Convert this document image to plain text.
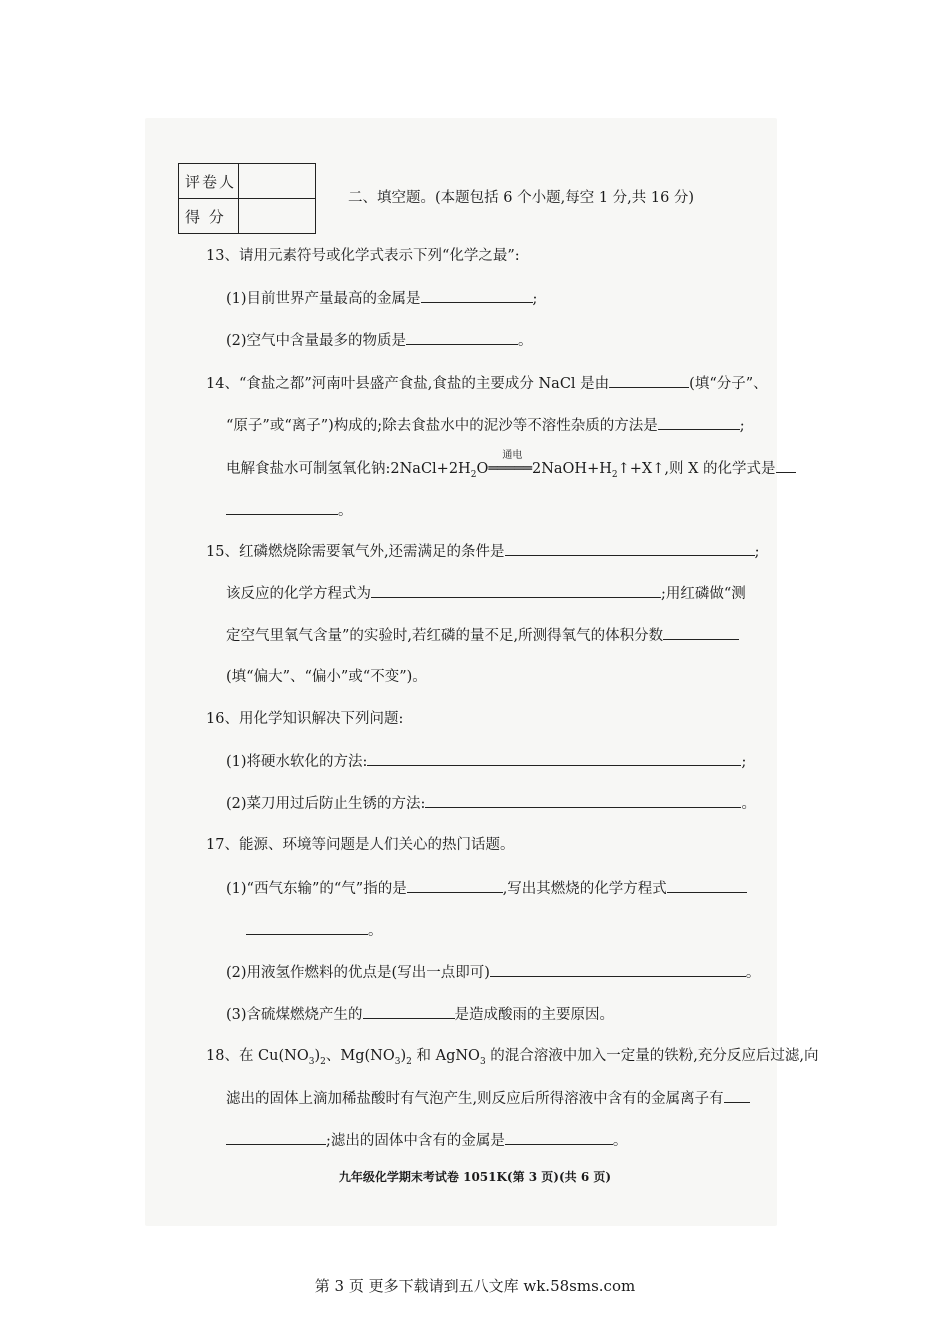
评卷人	
得 分	
二、填空题。(本题包括 6 个小题,每空 1 分,共 16 分)
13、请用元素符号或化学式表示下列“化学之最”:
(1)目前世界产量最高的金属是	;
(2)空气中含量最多的物质是	。
14、“食盐之都”河南叶县盛产食盐,食盐的主要成分 NaCl 是由	(填“分子”、
“原子”或“离子”)构成的;除去食盐水中的泥沙等不溶性杂质的方法是	;
电解食盐水可制氢氧化钠$:2NaCl+2H_2O$
通电
$═════2NaOH+H_2↑+X↑$,则 X 的化学式是
。
15、红磷燃烧除需要氧气外,还需满足的条件是	;
该反应的化学方程式为	;用红磷做“测
定空气里氧气含量”的实验时,若红磷的量不足,所测得氧气的体积分数
(填“偏大”、“偏小”或“不变”)。
16、用化学知识解决下列问题:
(1)将硬水软化的方法:	;
(2)菜刀用过后防止生锈的方法:	。
17、能源、环境等问题是人们关心的热门话题。
(1)“西气东输”的“气”指的是	,写出其燃烧的化学方程式
。
(2)用液氢作燃料的优点是(写出一点即可)	。
(3)含硫煤燃烧产生的	是造成酸雨的主要原因。
18、在 $Cu(NO_3)_2$、$Mg(NO_3)_2$ 和 AgNO$_3$ 的混合溶液中加入一定量的铁粉,充分反应后过滤,向
滤出的固体上滴加稀盐酸时有气泡产生,则反应后所得溶液中含有的金属离子有
;滤出的固体中含有的金属是	。
九年级化学期末考试卷 1051K(第 3 页)(共 6 页)
第 3 页 更多下载请到五八文库 wk.58sms.com
